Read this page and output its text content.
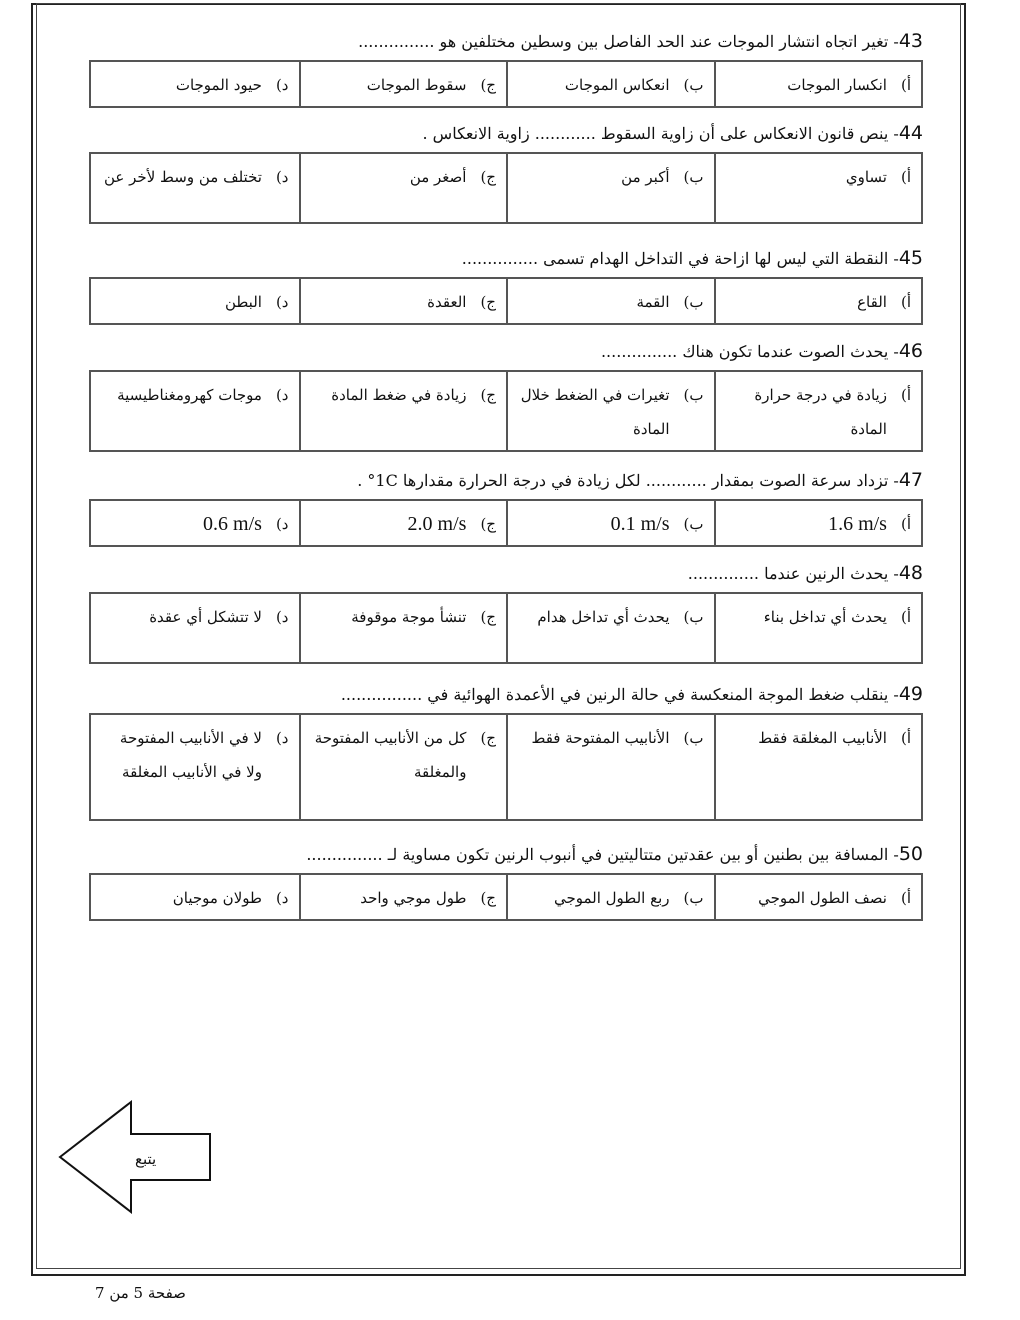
43- تغير اتجاه انتشار الموجات عند الحد الفاصل بين وسطين مختلفين هو ...............
أ)
انكسار الموجات
ب)
انعكاس الموجات
ج)
سقوط الموجات
د)
حيود الموجات
44- ينص قانون الانعكاس على أن زاوية السقوط ............ زاوية الانعكاس .
أ)
تساوي
ب)
أكبر من
ج)
أصغر من
د)
تختلف من وسط لأخر عن
45- النقطة التي ليس لها ازاحة في التداخل الهدام تسمى ...............
أ)
القاع
ب)
القمة
ج)
العقدة
د)
البطن
46- يحدث الصوت عندما تكون هناك ...............
أ)
زيادة في درجة حرارة المادة
ب)
تغيرات في الضغط خلال المادة
ج)
زيادة في ضغط المادة
د)
موجات كهرومغناطيسية
47- تزداد سرعة الصوت بمقدار ............ لكل زيادة في درجة الحرارة مقدارها 1C° .
أ)
1.6 m/s
ب)
0.1 m/s
ج)
2.0 m/s
د)
0.6 m/s
48- يحدث الرنين عندما ..............
أ)
يحدث أي تداخل بناء
ب)
يحدث أي تداخل هدام
ج)
تنشأ موجة موقوفة
د)
لا تتشكل أي عقدة
49- ينقلب ضغط الموجة المنعكسة في حالة الرنين في الأعمدة الهوائية في ................
أ)
الأنابيب المغلقة فقط
ب)
الأنابيب المفتوحة فقط
ج)
كل من الأنابيب المفتوحة والمغلقة
د)
لا في الأنابيب المفتوحة ولا في الأنابيب المغلقة
50- المسافة بين بطنين أو بين عقدتين متتاليتين في أنبوب الرنين تكون مساوية لـ ...............
أ)
نصف الطول الموجي
ب)
ربع الطول الموجي
ج)
طول موجي واحد
د)
طولان موجيان
يتبع
صفحة 5 من 7
